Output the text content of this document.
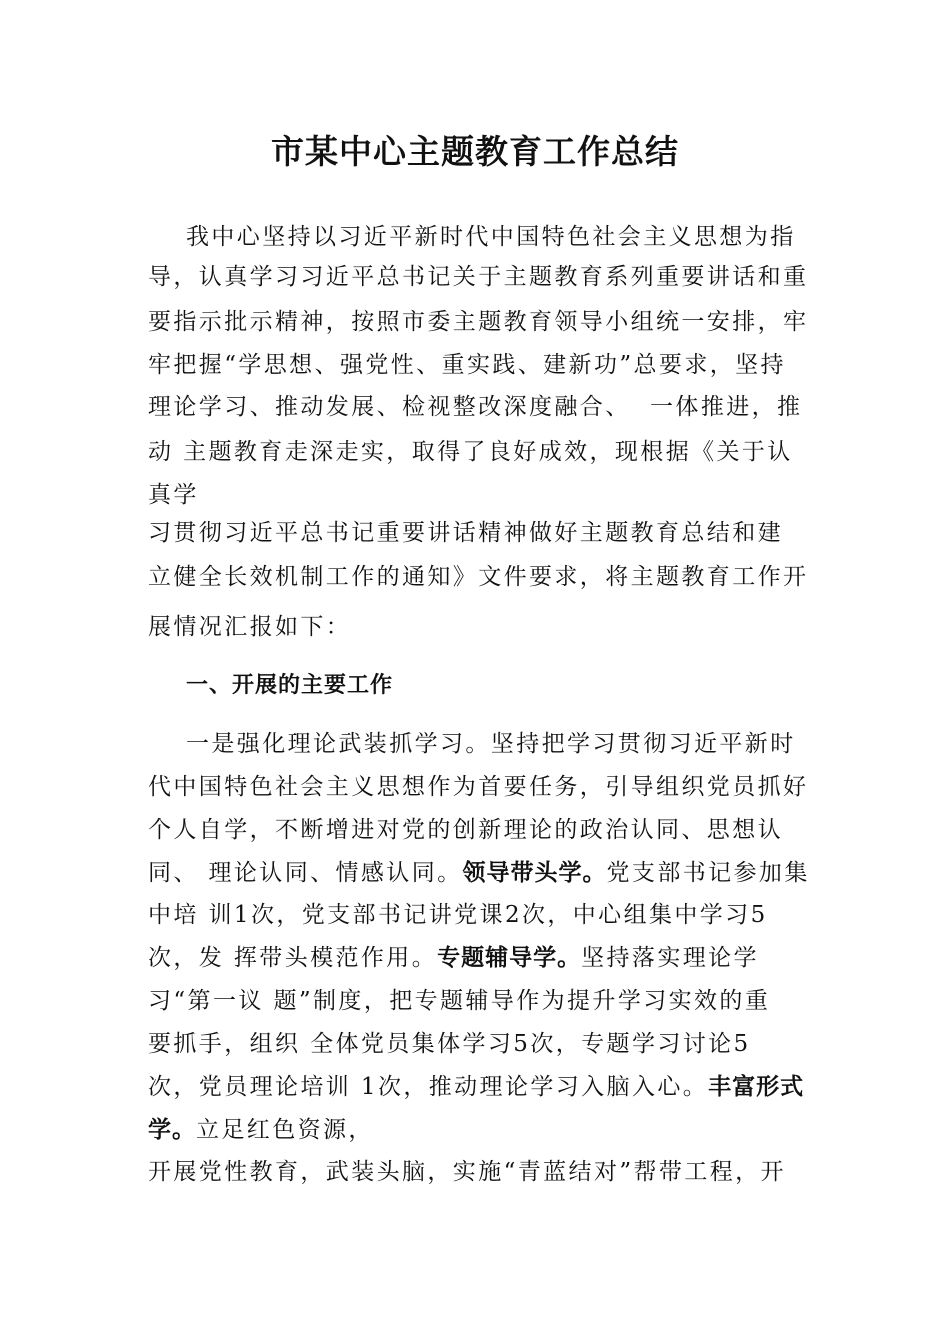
市某中心主题教育工作总结
我中心坚持以习近平新时代中国特色社会主义思想为指
导，认真学习习近平总书记关于主题教育系列重要讲话和重
要指示批示精神，按照市委主题教育领导小组统一安排，牢
牢把握“学思想、强党性、重实践、建新功”总要求，坚持
理论学习、推动发展、检视整改深度融合、  一体推进，推
动 主题教育走深走实，取得了良好成效，现根据《关于认
真学
习贯彻习近平总书记重要讲话精神做好主题教育总结和建
立健全长效机制工作的通知》文件要求，将主题教育工作开
展情况汇报如下：
一、开展的主要工作
一是强化理论武装抓学习。坚持把学习贯彻习近平新时
代中国特色社会主义思想作为首要任务，引导组织党员抓好
个人自学，不断增进对党的创新理论的政治认同、思想认
同、 理论认同、情感认同。领导带头学。党支部书记参加集
中培 训1次，党支部书记讲党课2次，中心组集中学习5
次，发 挥带头模范作用。专题辅导学。坚持落实理论学
习“第一议 题”制度，把专题辅导作为提升学习实效的重
要抓手，组织 全体党员集体学习5次，专题学习讨论5
次，党员理论培训 1次，推动理论学习入脑入心。丰富形式
学。立足红色资源，
开展党性教育，武装头脑，实施“青蓝结对”帮带工程，开
